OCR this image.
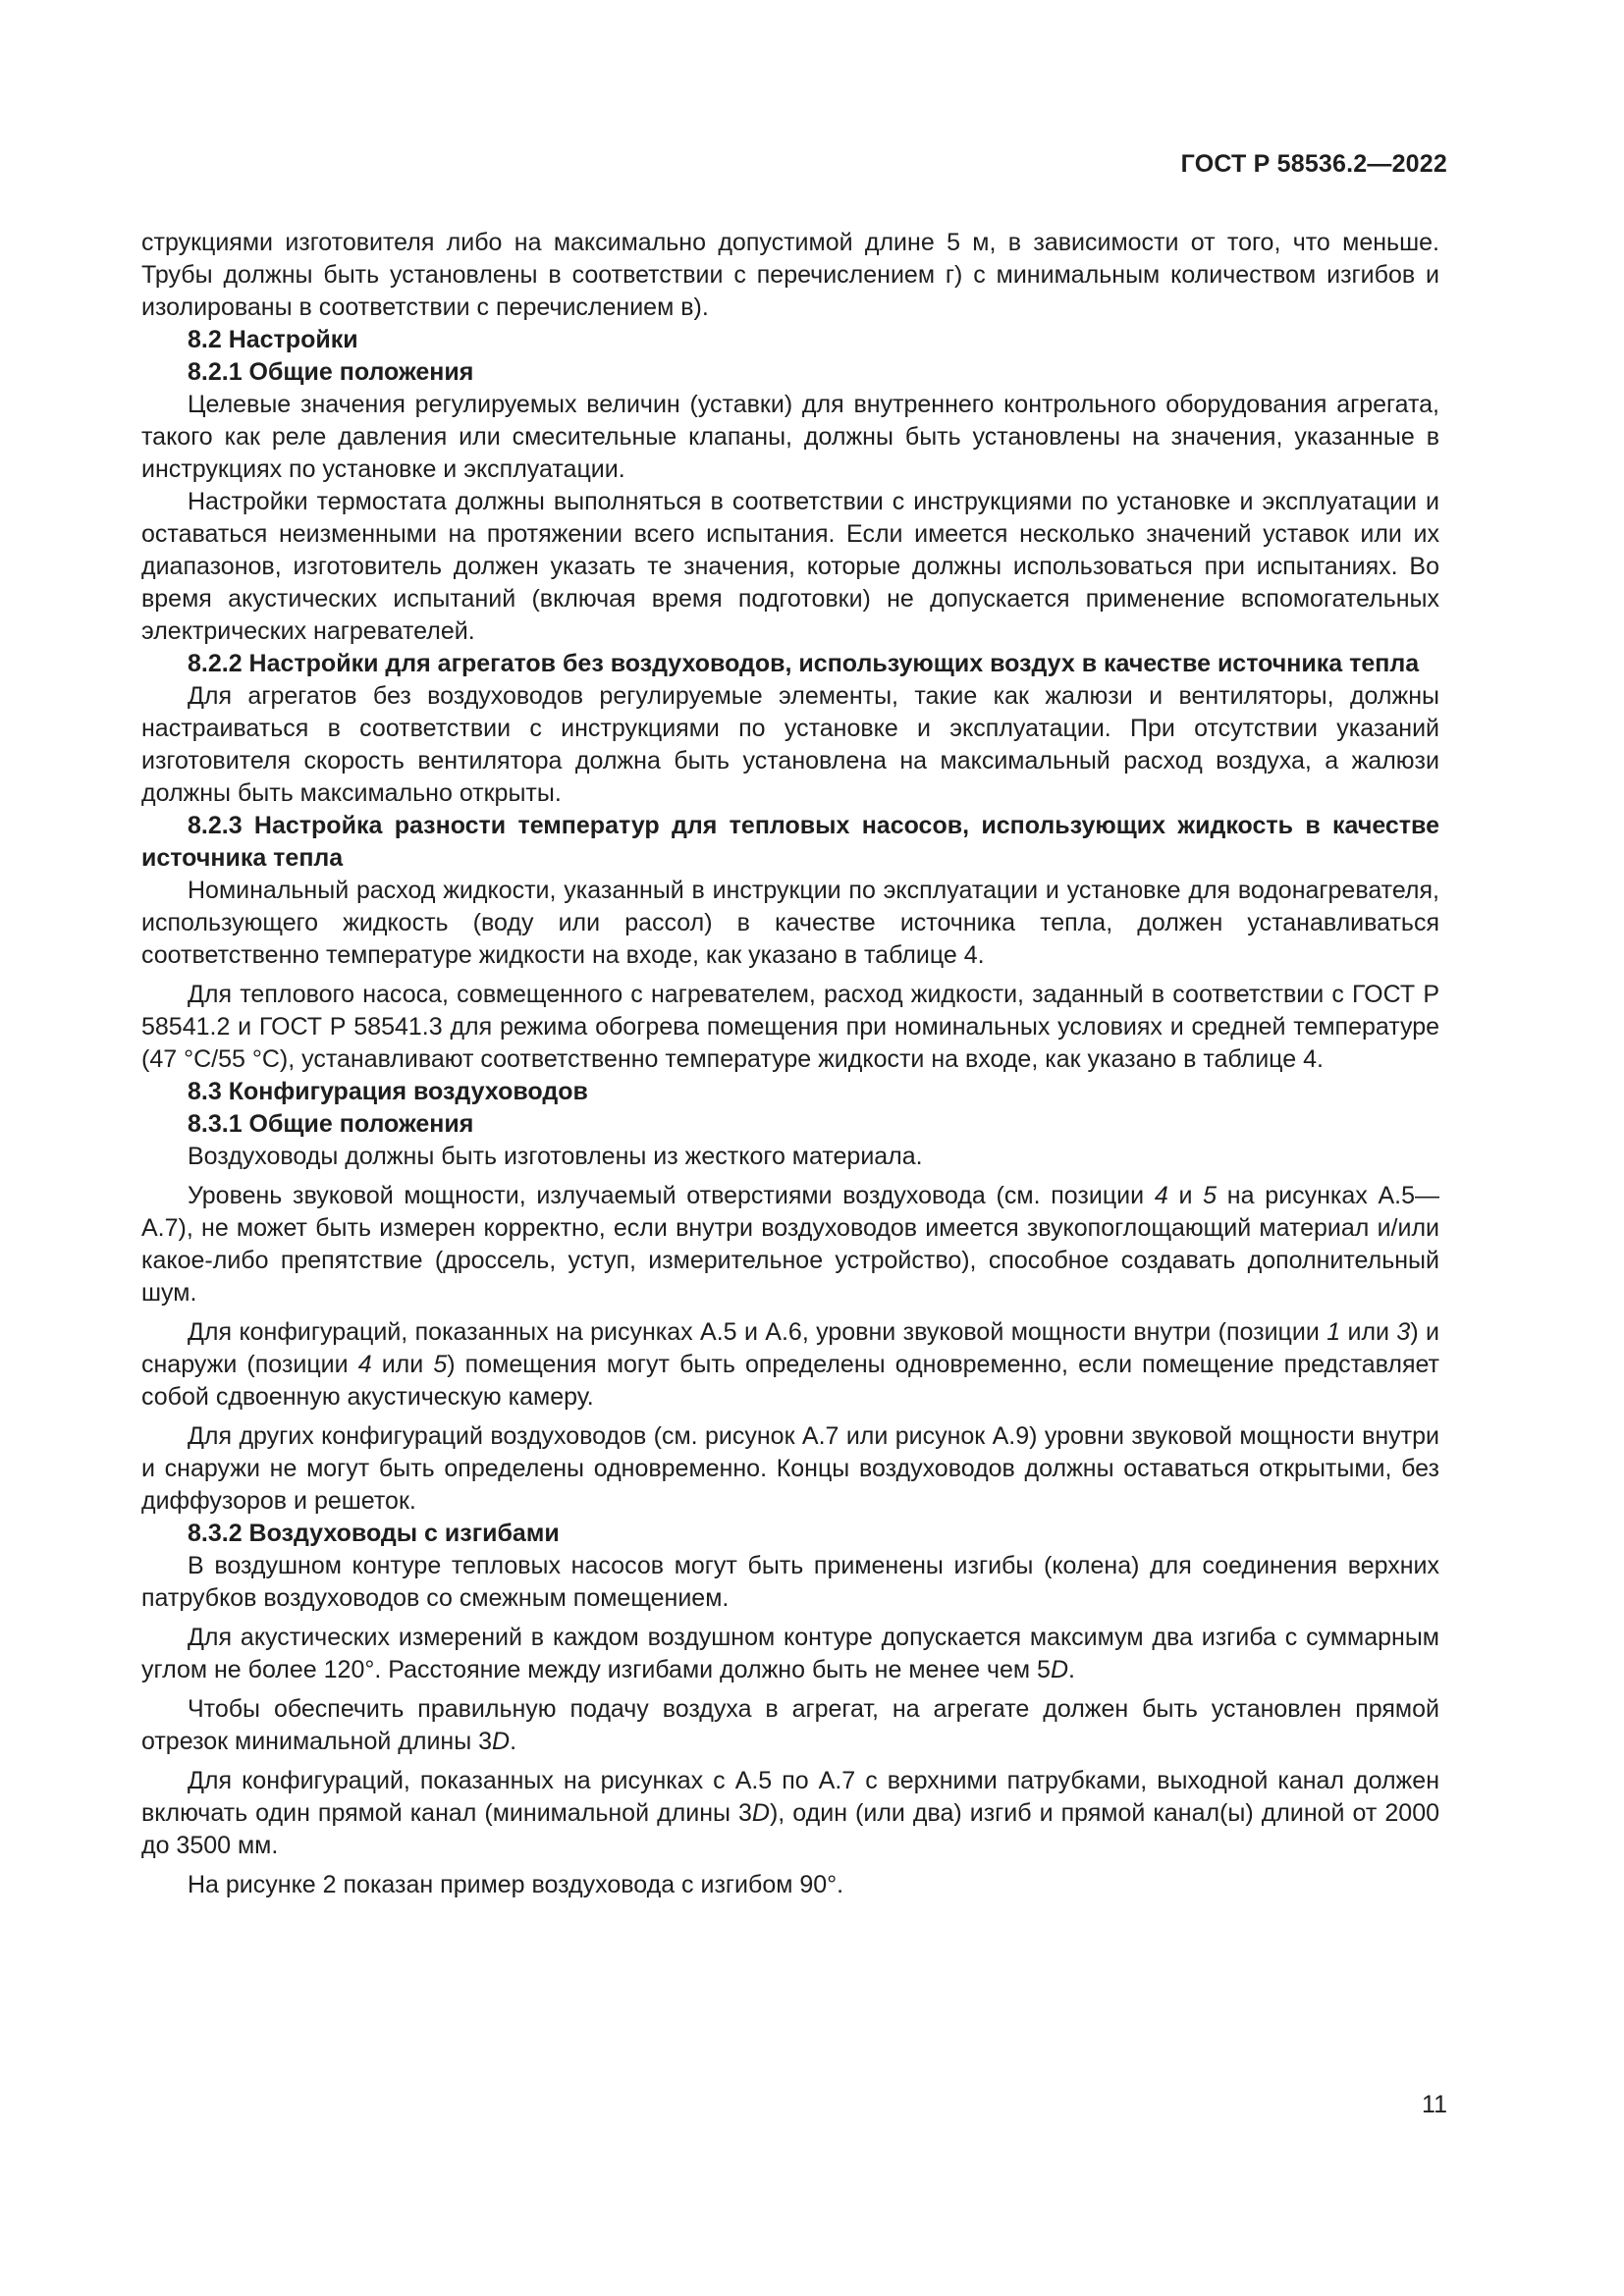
ГОСТ Р 58536.2—2022

струкциями изготовителя либо на максимально допустимой длине 5 м, в зависимости от того, что меньше. Трубы должны быть установлены в соответствии с перечислением г) с минимальным количеством изгибов и изолированы в соответствии с перечислением в).

8.2 Настройки

8.2.1 Общие положения

Целевые значения регулируемых величин (уставки) для внутреннего контрольного оборудования агрегата, такого как реле давления или смесительные клапаны, должны быть установлены на значения, указанные в инструкциях по установке и эксплуатации.

Настройки термостата должны выполняться в соответствии с инструкциями по установке и эксплуатации и оставаться неизменными на протяжении всего испытания. Если имеется несколько значений уставок или их диапазонов, изготовитель должен указать те значения, которые должны использоваться при испытаниях. Во время акустических испытаний (включая время подготовки) не допускается применение вспомогательных электрических нагревателей.

8.2.2 Настройки для агрегатов без воздуховодов, использующих воздух в качестве источника тепла

Для агрегатов без воздуховодов регулируемые элементы, такие как жалюзи и вентиляторы, должны настраиваться в соответствии с инструкциями по установке и эксплуатации. При отсутствии указаний изготовителя скорость вентилятора должна быть установлена на максимальный расход воздуха, а жалюзи должны быть максимально открыты.

8.2.3 Настройка разности температур для тепловых насосов, использующих жидкость в качестве источника тепла

Номинальный расход жидкости, указанный в инструкции по эксплуатации и установке для водонагревателя, использующего жидкость (воду или рассол) в качестве источника тепла, должен устанавливаться соответственно температуре жидкости на входе, как указано в таблице 4.

Для теплового насоса, совмещенного с нагревателем, расход жидкости, заданный в соответствии с ГОСТ Р 58541.2 и ГОСТ Р 58541.3 для режима обогрева помещения при номинальных условиях и средней температуре (47 °C/55 °C), устанавливают соответственно температуре жидкости на входе, как указано в таблице 4.

8.3 Конфигурация воздуховодов

8.3.1 Общие положения

Воздуховоды должны быть изготовлены из жесткого материала.

Уровень звуковой мощности, излучаемый отверстиями воздуховода (см. позиции 4 и 5 на рисунках А.5—А.7), не может быть измерен корректно, если внутри воздуховодов имеется звукопоглощающий материал и/или какое-либо препятствие (дроссель, уступ, измерительное устройство), способное создавать дополнительный шум.

Для конфигураций, показанных на рисунках А.5 и А.6, уровни звуковой мощности внутри (позиции 1 или 3) и снаружи (позиции 4 или 5) помещения могут быть определены одновременно, если помещение представляет собой сдвоенную акустическую камеру.

Для других конфигураций воздуховодов (см. рисунок А.7 или рисунок А.9) уровни звуковой мощности внутри и снаружи не могут быть определены одновременно. Концы воздуховодов должны оставаться открытыми, без диффузоров и решеток.

8.3.2 Воздуховоды с изгибами

В воздушном контуре тепловых насосов могут быть применены изгибы (колена) для соединения верхних патрубков воздуховодов со смежным помещением.

Для акустических измерений в каждом воздушном контуре допускается максимум два изгиба с суммарным углом не более 120°. Расстояние между изгибами должно быть не менее чем 5D.

Чтобы обеспечить правильную подачу воздуха в агрегат, на агрегате должен быть установлен прямой отрезок минимальной длины 3D.

Для конфигураций, показанных на рисунках с А.5 по А.7 с верхними патрубками, выходной канал должен включать один прямой канал (минимальной длины 3D), один (или два) изгиб и прямой канал(ы) длиной от 2000 до 3500 мм.

На рисунке 2 показан пример воздуховода с изгибом 90°.

11
